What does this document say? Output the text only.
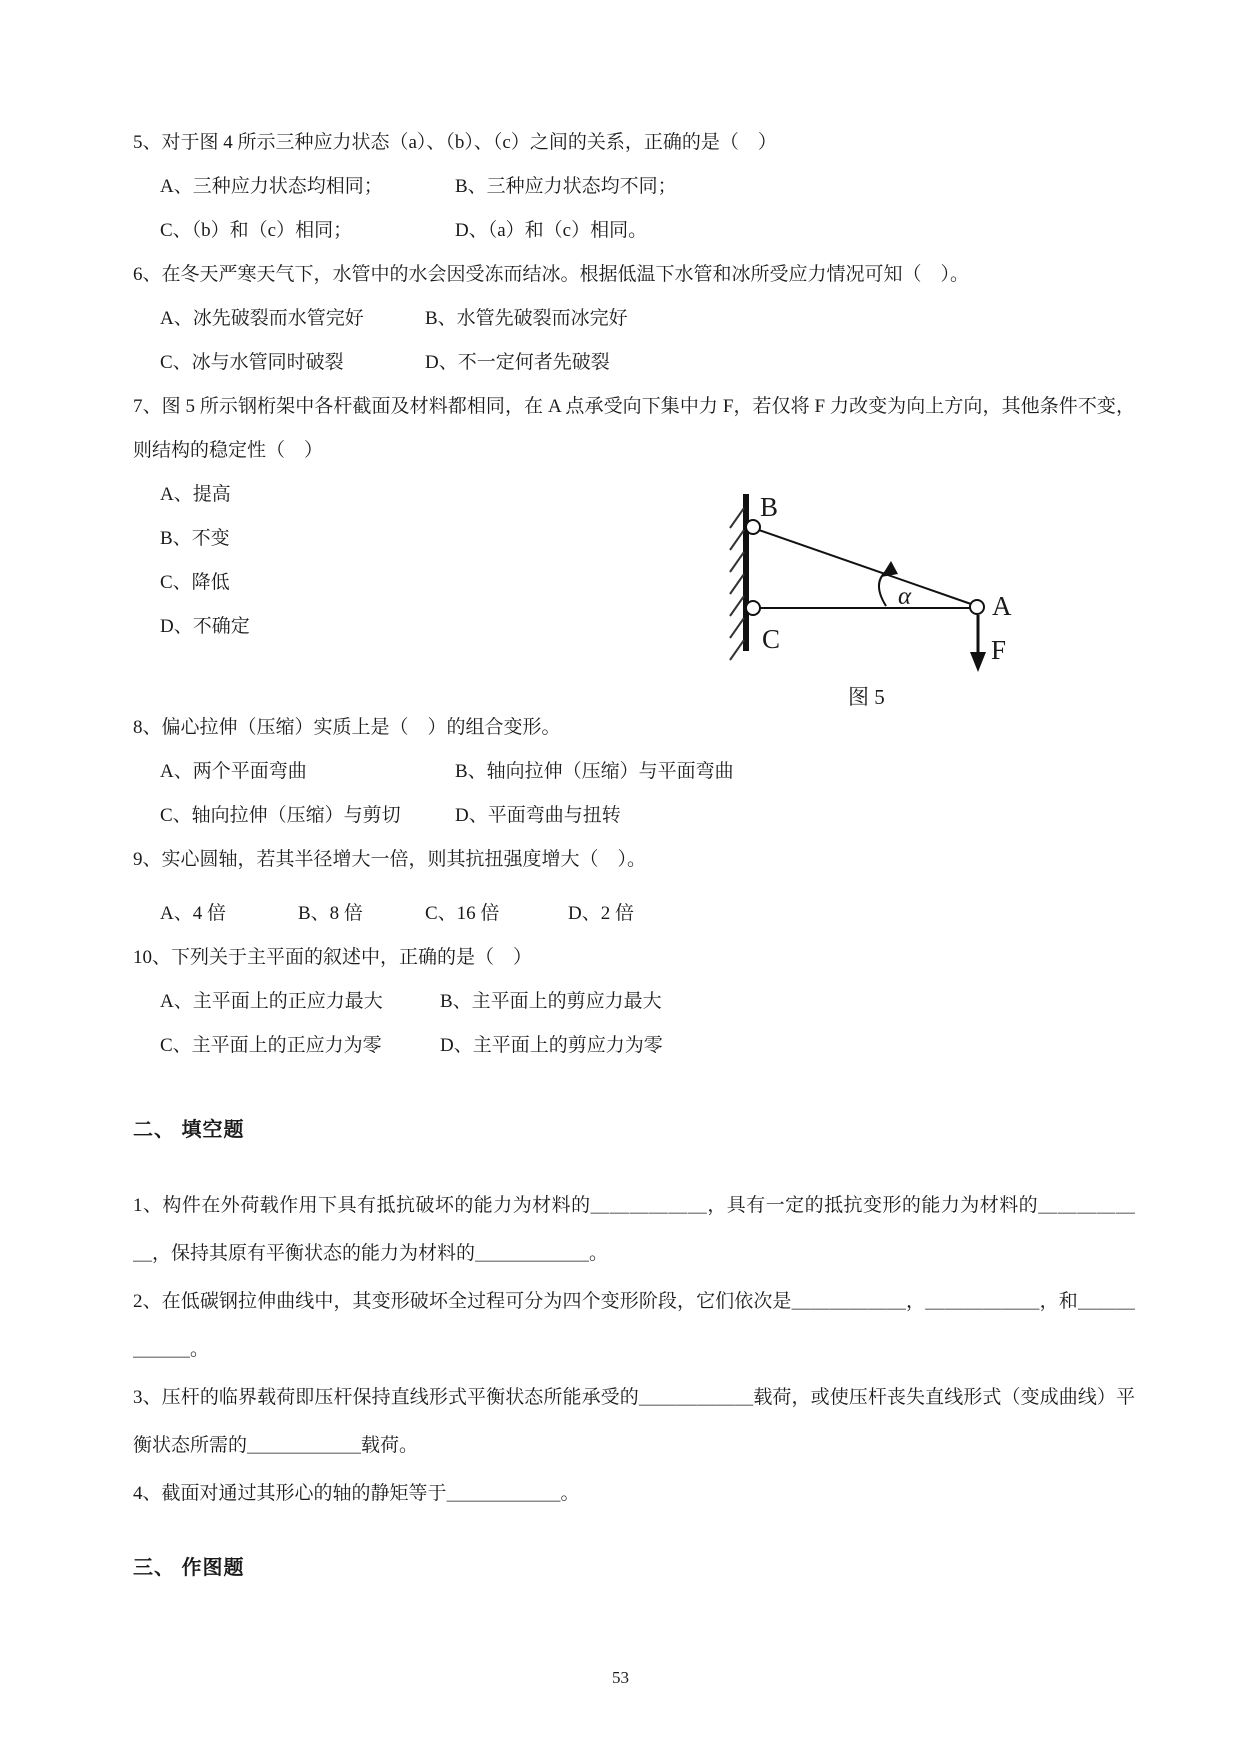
5、对于图 4 所示三种应力状态（a）、（b）、（c）之间的关系，正确的是（　）
A、三种应力状态均相同；	B、三种应力状态均不同；
C、（b）和（c）相同；	D、（a）和（c）相同。
6、在冬天严寒天气下，水管中的水会因受冻而结冰。根据低温下水管和冰所受应力情况可知（　）。
A、冰先破裂而水管完好	B、水管先破裂而冰完好
C、冰与水管同时破裂	D、不一定何者先破裂
7、图 5 所示钢桁架中各杆截面及材料都相同，在 A 点承受向下集中力 F，若仅将 F 力改变为向上方向，其他条件不变，则结构的稳定性（　）
A、提高
B、不变
C、降低
D、不确定
8、偏心拉伸（压缩）实质上是（　）的组合变形。
A、两个平面弯曲	B、轴向拉伸（压缩）与平面弯曲
C、轴向拉伸（压缩）与剪切	D、平面弯曲与扭转
9、实心圆轴，若其半径增大一倍，则其抗扭强度增大（　）。
A、4 倍	B、8 倍	C、16 倍	D、2 倍
10、下列关于主平面的叙述中，正确的是（　）
A、主平面上的正应力最大	B、主平面上的剪应力最大
C、主平面上的正应力为零	D、主平面上的剪应力为零
二、 填空题
1、构件在外荷载作用下具有抵抗破坏的能力为材料的＿＿＿＿＿＿，具有一定的抵抗变形的能力为材料的＿＿＿＿＿＿，保持其原有平衡状态的能力为材料的＿＿＿＿＿＿。
2、在低碳钢拉伸曲线中，其变形破坏全过程可分为四个变形阶段，它们依次是＿＿＿＿＿＿，＿＿＿＿＿＿，和＿＿＿＿＿＿。
3、压杆的临界载荷即压杆保持直线形式平衡状态所能承受的＿＿＿＿＿＿载荷，或使压杆丧失直线形式（变成曲线）平衡状态所需的＿＿＿＿＿＿载荷。
4、截面对通过其形心的轴的静矩等于＿＿＿＿＿＿。
三、 作图题
B
C
A
F
α
图 5
53
